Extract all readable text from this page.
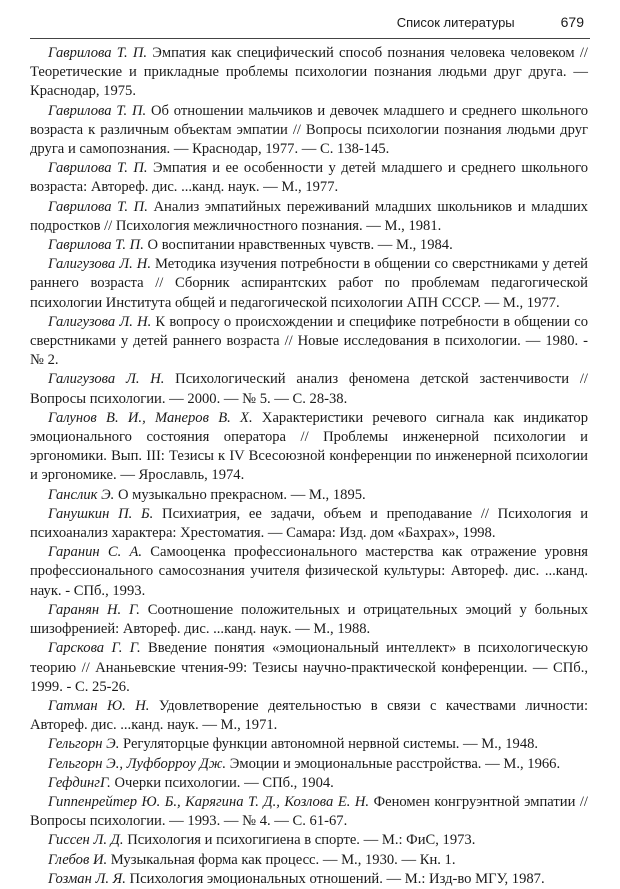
Список литературы	679

Гаврилова Т. П. Эмпатия как специфический способ познания человека человеком // Теоретические и прикладные проблемы психологии познания людьми друг друга. — Краснодар, 1975.

Гаврилова Т. П. Об отношении мальчиков и девочек младшего и среднего школьного возраста к различным объектам эмпатии // Вопросы психологии познания людьми друг друга и самопознания. — Краснодар, 1977. — С. 138-145.

Гаврилова Т. П. Эмпатия и ее особенности у детей младшего и среднего школьного возраста: Автореф. дис. ...канд. наук. — М., 1977.

Гаврилова Т. П. Анализ эмпатийных переживаний младших школьников и младших подростков // Психология межличностного познания. — М., 1981.

Гаврилова Т. П. О воспитании нравственных чувств. — М., 1984.

Галигузова Л. Н. Методика изучения потребности в общении со сверстниками у детей раннего возраста // Сборник аспирантских работ по проблемам педагогической психологии Института общей и педагогической психологии АПН СССР. — М., 1977.

Галигузова Л. Н. К вопросу о происхождении и специфике потребности в общении со сверстниками у детей раннего возраста // Новые исследования в психологии. — 1980. - № 2.

Галигузова Л. Н. Психологический анализ феномена детской застенчивости // Вопросы психологии. — 2000. — № 5. — С. 28-38.

Галунов В. И., Манеров В. Х. Характеристики речевого сигнала как индикатор эмоционального состояния оператора // Проблемы инженерной психологии и эргономики. Вып. III: Тезисы к IV Всесоюзной конференции по инженерной психологии и эргономике. — Ярославль, 1974.

Ганслик Э. О музыкально прекрасном. — М., 1895.

Ганушкин П. Б. Психиатрия, ее задачи, объем и преподавание // Психология и психоанализ характера: Хрестоматия. — Самара: Изд. дом «Бахрах», 1998.

Гаранин С. А. Самооценка профессионального мастерства как отражение уровня профессионального самосознания учителя физической культуры: Автореф. дис. ...канд. наук. - СПб., 1993.

Гаранян Н. Г. Соотношение положительных и отрицательных эмоций у больных шизофренией: Автореф. дис. ...канд. наук. — М., 1988.

Гарскова Г. Г. Введение понятия «эмоциональный интеллект» в психологическую теорию // Ананьевские чтения-99: Тезисы научно-практической конференции. — СПб., 1999. - С. 25-26.

Гатман Ю. Н. Удовлетворение деятельностью в связи с качествами личности: Автореф. дис. ...канд. наук. — М., 1971.

Гельгорн Э. Регуляторцые функции автономной нервной системы. — М., 1948.

Гельгорн Э., Луфборроу Дж. Эмоции и эмоциональные расстройства. — М., 1966.

ГефдингГ. Очерки психологии. — СПб., 1904.

Гиппенрейтер Ю. Б., Карягина Т. Д., Козлова Е. Н. Феномен конгруэнтной эмпатии // Вопросы психологии. — 1993. — № 4. — С. 61-67.

Гиссен Л. Д. Психология и психогигиена в спорте. — М.: ФиС, 1973.

Глебов И. Музыкальная форма как процесс. — М., 1930. — Кн. 1.

Гозман Л. Я. Психология эмоциональных отношений. — М.: Изд-во МГУ, 1987.
